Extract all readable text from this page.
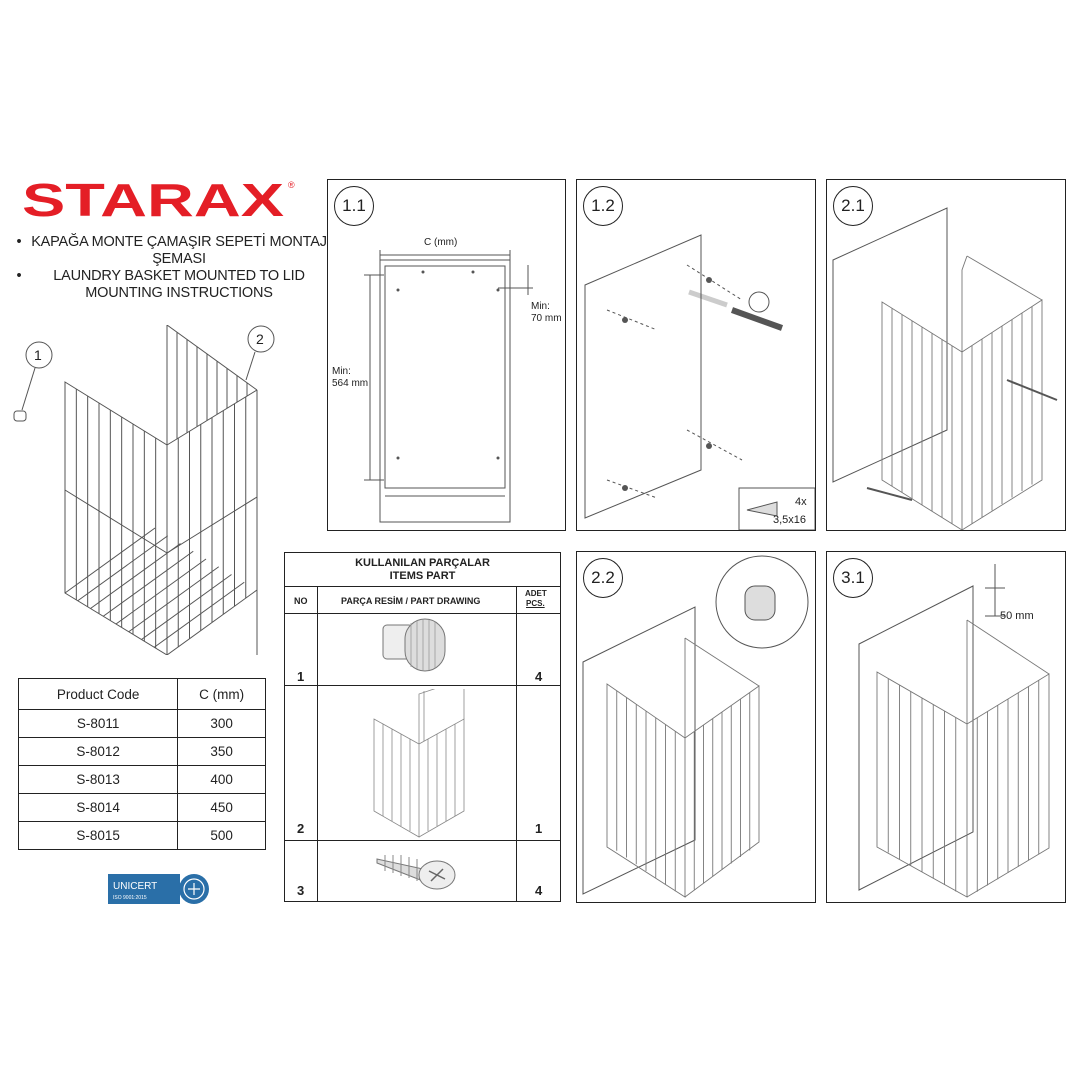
STARAX ®
• KAPAĞA MONTE ÇAMAŞIR SEPETİ MONTAJ ŞEMASI
•	LAUNDRY BASKET MOUNTED TO LID MOUNTING INSTRUCTIONS
1
2
Product Code	C (mm)
S-8011	300
S-8012	350
S-8013	400
S-8014	450
S-8015	500
UNICERT
ISO 9001:2015
KULLANILAN PARÇALAR
ITEMS PART
NO	PARÇA RESİM / PART DRAWING
ADET
PCS.
1	4
2	1
3	4
1.1
C (mm)
Min:
564 mm
Min:
70 mm
1.2
4x
3,5x16
2.1
2.2	3.1
50 mm
